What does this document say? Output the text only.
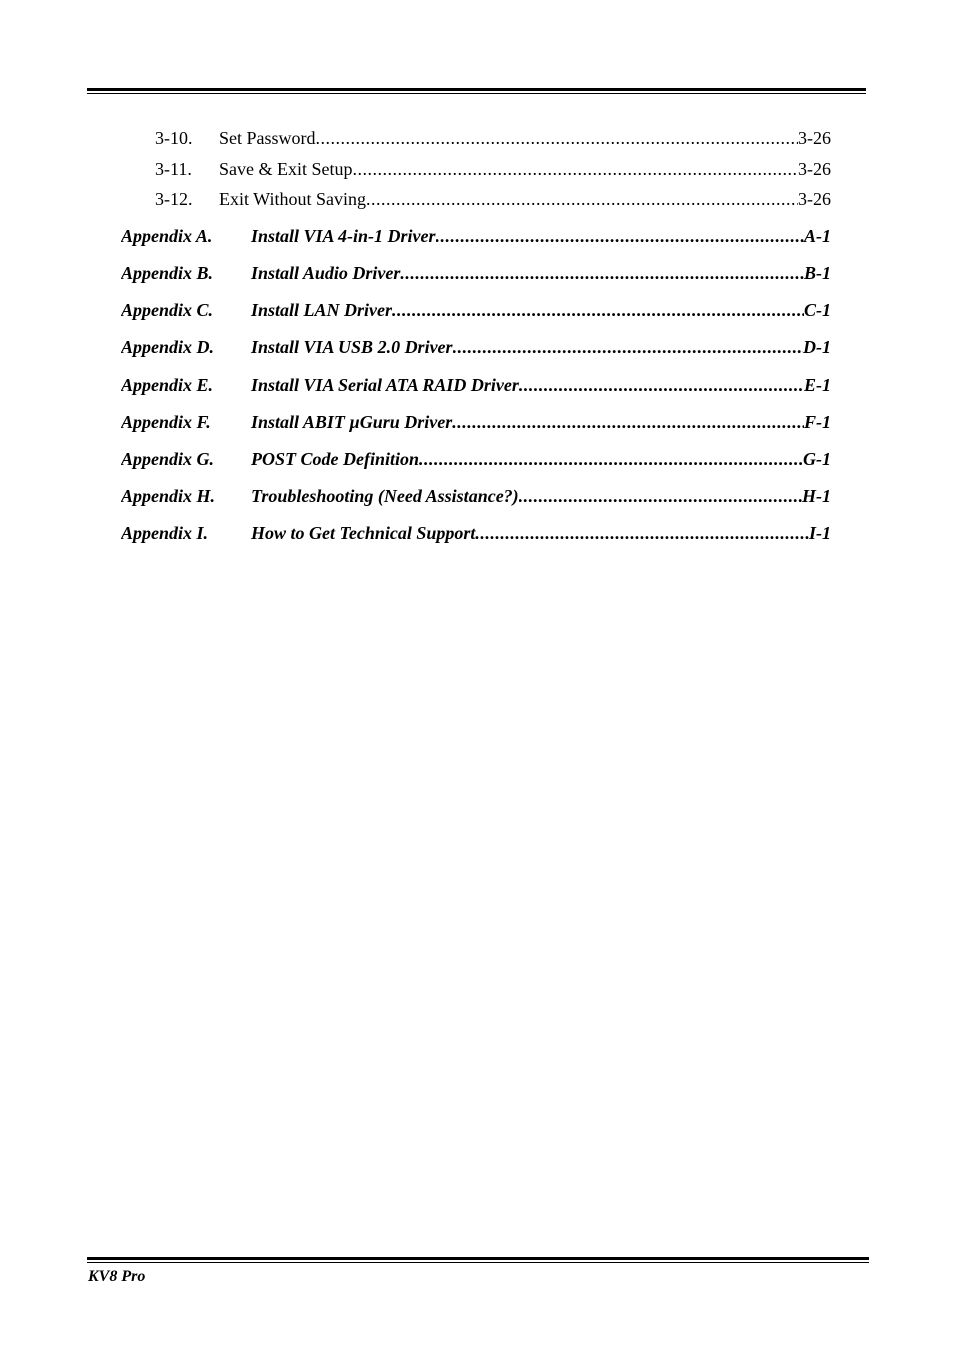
3-10.	Set Password .....	3-26
3-11.	Save & Exit Setup .....	3-26
3-12.	Exit Without Saving .....	3-26
Appendix A.	Install VIA 4-in-1 Driver .....	A-1
Appendix B.	Install Audio Driver .....	B-1
Appendix C.	Install LAN Driver .....	C-1
Appendix D.	Install VIA USB 2.0 Driver .....	D-1
Appendix E.	Install VIA Serial ATA RAID Driver .....	E-1
Appendix F.	Install ABIT µGuru Driver .....	F-1
Appendix G.	POST Code Definition .....	G-1
Appendix H.	Troubleshooting (Need Assistance?) .....	H-1
Appendix I.	How to Get Technical Support .....	I-1
KV8 Pro
